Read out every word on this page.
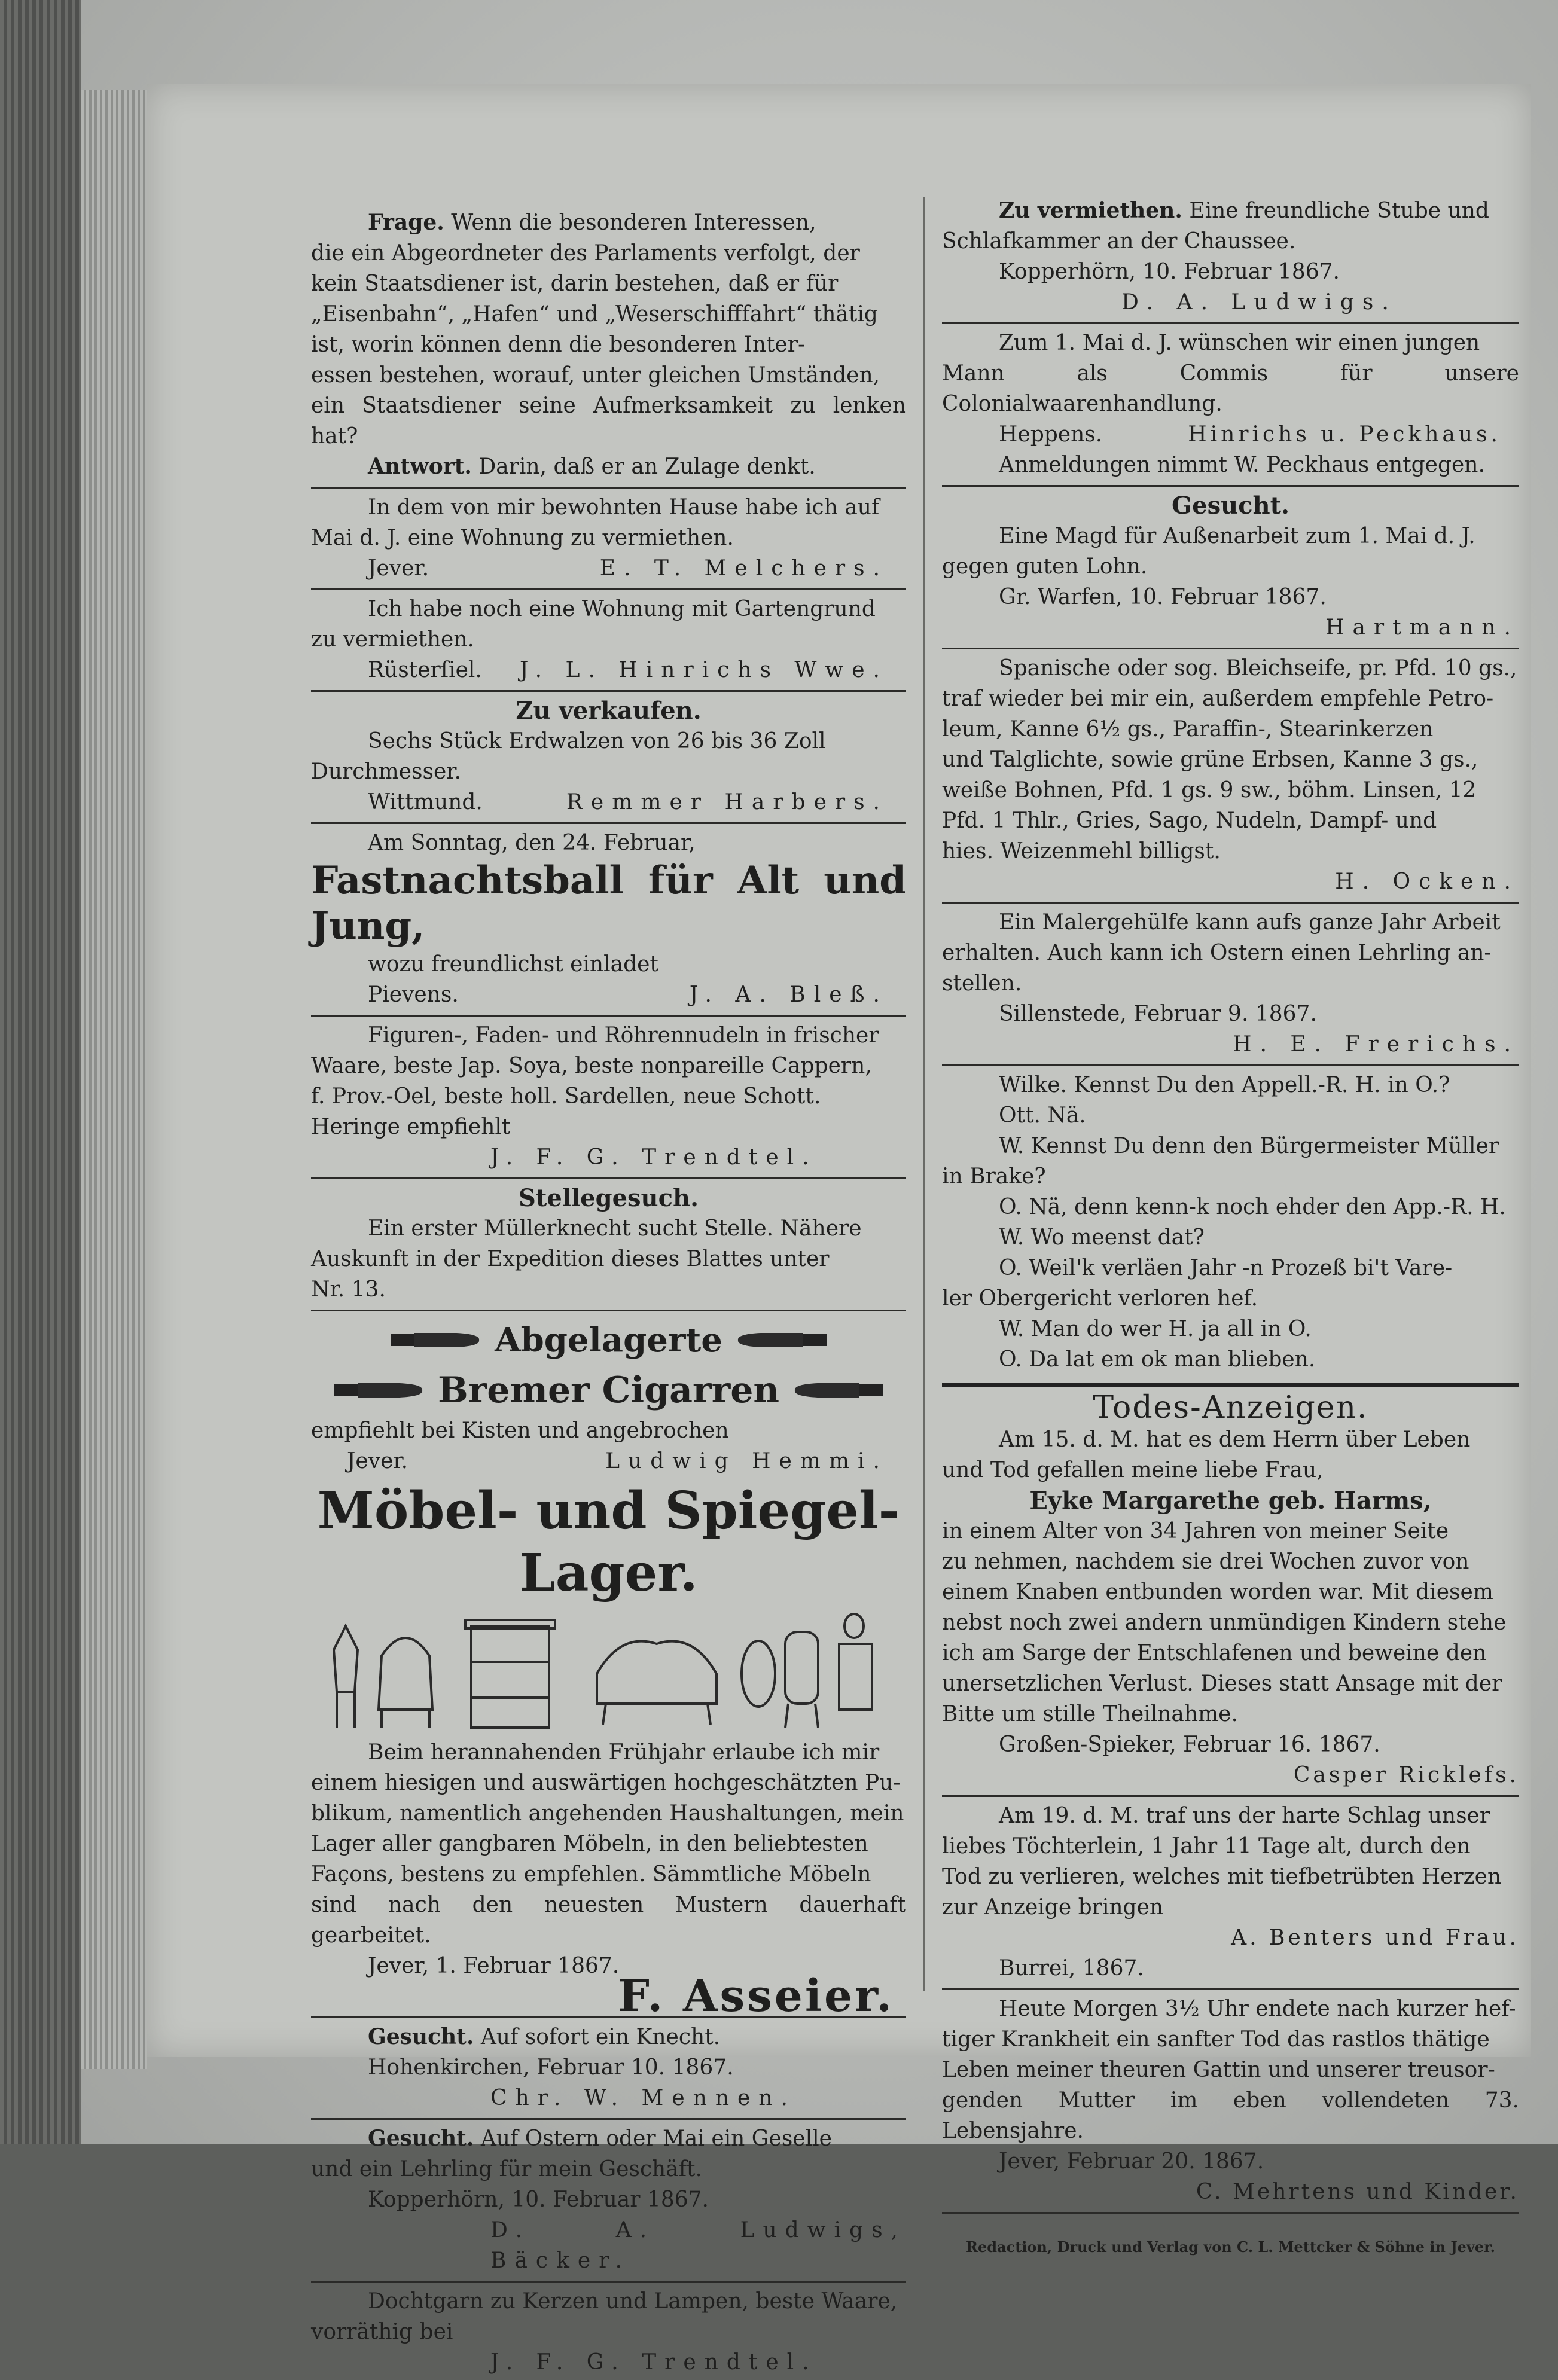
Frage. Wenn die besonderen Interessen,

die ein Abgeordneter des Parlaments verfolgt, der

kein Staatsdiener ist, darin bestehen, daß er für

„Eisenbahn“, „Hafen“ und „Weserschifffahrt“ thätig

ist, worin können denn die besonderen Inter-

essen bestehen, worauf, unter gleichen Umständen,

ein Staatsdiener seine Aufmerksamkeit zu lenken hat?

Antwort. Darin, daß er an Zulage denkt.

In dem von mir bewohnten Hause habe ich auf

Mai d. J. eine Wohnung zu vermiethen.

Jever.	E. T. Melchers.

Ich habe noch eine Wohnung mit Gartengrund

zu vermiethen.

Rüsterſiel. J. L. Hinrichs Wwe.

Zu verkaufen.

Sechs Stück Erdwalzen von 26 bis 36 Zoll

Durchmesser.

Wittmund.	Remmer Harbers.

Am Sonntag, den 24. Februar,

Fastnachtsball für Alt und Jung,

wozu freundlichst einladet

Pievens.	J. A. Bleß.

Figuren-, Faden- und Röhrennudeln in frischer

Waare, beste Jap. Soya, beste nonpareille Cappern,

f. Prov.-Oel, beste holl. Sardellen, neue Schott.

Heringe empfiehlt

J. F. G. Trendtel.

Stellegesuch.

Ein erster Müllerknecht sucht Stelle. Nähere

Auskunft in der Expedition dieses Blattes unter

Nr. 13.

Abgelagerte
Bremer Cigarren

empfiehlt bei Kisten und angebrochen

Jever.	Ludwig Hemmi.

Möbel- und Spiegel-

Lager.

Beim herannahenden Frühjahr erlaube ich mir

einem hiesigen und auswärtigen hochgeschätzten Pu-

blikum, namentlich angehenden Haushaltungen, mein

Lager aller gangbaren Möbeln, in den beliebtesten

Façons, bestens zu empfehlen. Sämmtliche Möbeln

sind nach den neuesten Mustern dauerhaft gearbeitet.

Jever, 1. Februar 1867.

F. Asseier.

Gesucht. Auf sofort ein Knecht.

Hohenkirchen, Februar 10. 1867.

Chr. W. Mennen.

Gesucht. Auf Ostern oder Mai ein Geselle

und ein Lehrling für mein Geschäft.

Kopperhörn, 10. Februar 1867.

D. A. Ludwigs, Bäcker.

Dochtgarn zu Kerzen und Lampen, beste Waare,

vorräthig bei

J. F. G. Trendtel.

Zu vermiethen. Eine freundliche Stube und

Schlafkammer an der Chaussee.

Kopperhörn, 10. Februar 1867.

D. A. Ludwigs.

Zum 1. Mai d. J. wünschen wir einen jungen

Mann als Commis für unsere Colonialwaarenhandlung.

Heppens.	Hinrichs u. Peckhaus.

Anmeldungen nimmt W. Peckhaus entgegen.

Gesucht.

Eine Magd für Außenarbeit zum 1. Mai d. J.

gegen guten Lohn.

Gr. Warfen, 10. Februar 1867.

Hartmann.

Spanische oder sog. Bleichseife, pr. Pfd. 10 gs.,

traf wieder bei mir ein, außerdem empfehle Petro-

leum, Kanne 6½ gs., Paraffin-, Stearinkerzen

und Talglichte, sowie grüne Erbsen, Kanne 3 gs.,

weiße Bohnen, Pfd. 1 gs. 9 sw., böhm. Linsen, 12

Pfd. 1 Thlr., Gries, Sago, Nudeln, Dampf- und

hies. Weizenmehl billigst.

H. Ocken.

Ein Malergehülfe kann aufs ganze Jahr Arbeit

erhalten. Auch kann ich Ostern einen Lehrling an-

stellen.

Sillenstede, Februar 9. 1867.

H. E. Frerichs.

Wilke. Kennst Du den Appell.-R. H. in O.?

Ott. Nä.

W. Kennst Du denn den Bürgermeister Müller

in Brake?

O. Nä, denn kenn-k noch ehder den App.-R. H.

W. Wo meenst dat?

O. Weil'k verläen Jahr -n Prozeß bi't Vare-

ler Obergericht verloren hef.

W. Man do wer H. ja all in O.

O. Da lat em ok man blieben.

Todes-Anzeigen.

Am 15. d. M. hat es dem Herrn über Leben

und Tod gefallen meine liebe Frau,

Eyke Margarethe geb. Harms,

in einem Alter von 34 Jahren von meiner Seite

zu nehmen, nachdem sie drei Wochen zuvor von

einem Knaben entbunden worden war. Mit diesem

nebst noch zwei andern unmündigen Kindern stehe

ich am Sarge der Entschlafenen und beweine den

unersetzlichen Verlust. Dieses statt Ansage mit der

Bitte um stille Theilnahme.

Großen-Spieker, Februar 16. 1867.

Casper Ricklefs.

Am 19. d. M. traf uns der harte Schlag unser

liebes Töchterlein, 1 Jahr 11 Tage alt, durch den

Tod zu verlieren, welches mit tiefbetrübten Herzen

zur Anzeige bringen

A. Benters und Frau.

Burrei, 1867.

Heute Morgen 3½ Uhr endete nach kurzer hef-

tiger Krankheit ein sanfter Tod das rastlos thätige

Leben meiner theuren Gattin und unserer treusor-

genden Mutter im eben vollendeten 73. Lebensjahre.

Jever, Februar 20. 1867.

C. Mehrtens und Kinder.

Redaction, Druck und Verlag von C. L. Mettcker & Söhne in Jever.
